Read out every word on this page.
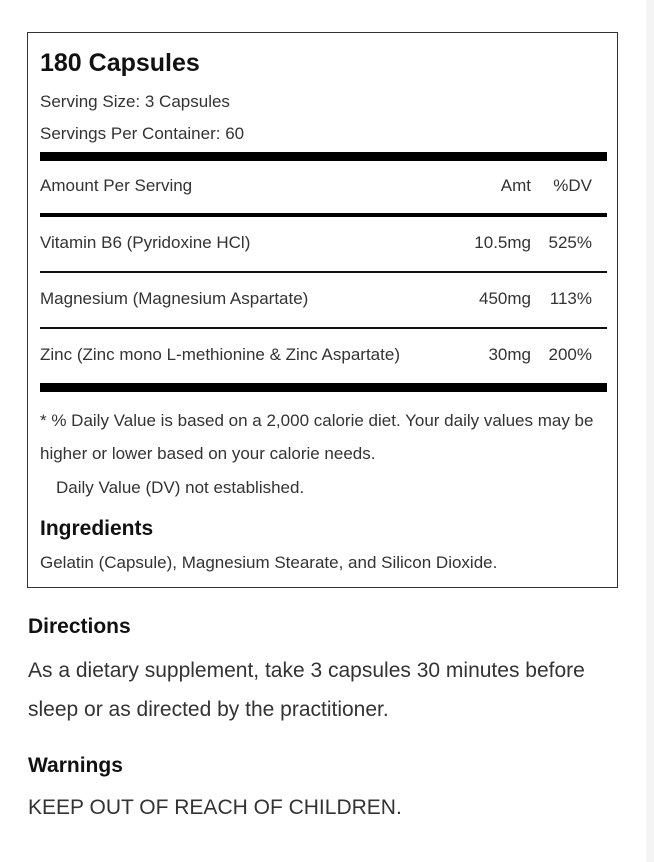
180 Capsules
Serving Size: 3 Capsules
Servings Per Container: 60
Amount Per Serving	Amt %DV
Vitamin B6 (Pyridoxine HCl)	10.5mg 525%
Magnesium (Magnesium Aspartate)	450mg 113%
Zinc (Zinc mono L-methionine & Zinc Aspartate)	30mg 200%
* % Daily Value is based on a 2,000 calorie diet. Your daily values may be higher or lower based on your calorie needs.
Daily Value (DV) not established.
Ingredients
Gelatin (Capsule), Magnesium Stearate, and Silicon Dioxide.
Directions
As a dietary supplement, take 3 capsules 30 minutes before sleep or as directed by the practitioner.
Warnings
KEEP OUT OF REACH OF CHILDREN.
